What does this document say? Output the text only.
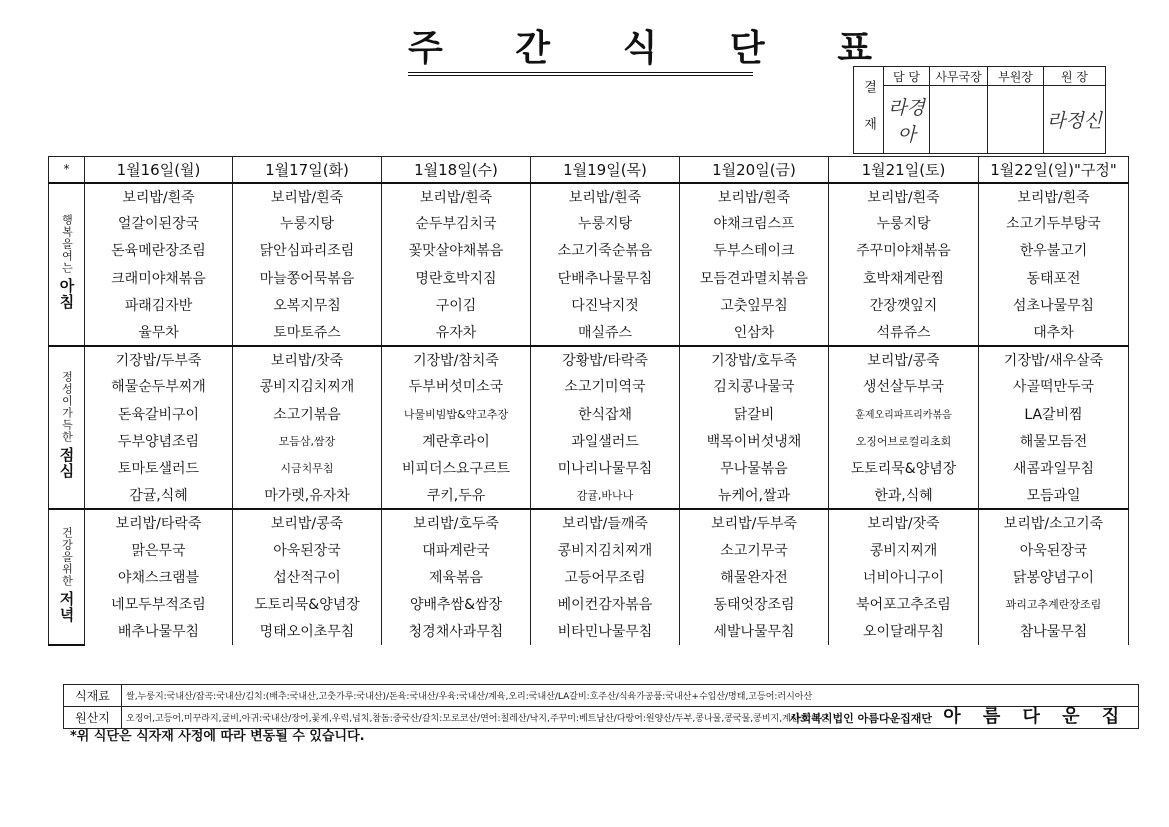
주 간 식 단 표
결 재	담 당	사무국장	부원장	원 장
	라경아			라정신
*	1월16일(월)	1월17일(화)	1월18일(수)	1월19일(목)	1월20일(금)	1월21일(토)	1월22일(일)"구정"
행복을여는아침	보리밥/흰죽	보리밥/흰죽	보리밥/흰죽	보리밥/흰죽	보리밥/흰죽	보리밥/흰죽	보리밥/흰죽
	얼갈이된장국	누룽지탕	순두부김치국	누룽지탕	야채크림스프	누룽지탕	소고기두부탕국
	돈육메란장조림	닭안심파리조림	꽃맛살야채볶음	소고기죽순볶음	두부스테이크	주꾸미야채볶음	한우불고기
	크래미야채볶음	마늘쫑어묵볶음	명란호박지짐	단배추나물무침	모듬견과멸치볶음	호박채계란찜	동태포전
	파래김자반	오복지무침	구이김	다진낙지젓	고춧잎무침	간장깻잎지	섬초나물무침
	율무차	토마토쥬스	유자차	매실쥬스	인삼차	석류쥬스	대추차
정성이가득한점심	기장밥/두부죽	보리밥/잣죽	기장밥/참치죽	강황밥/타락죽	기장밥/호두죽	보리밥/콩죽	기장밥/새우살죽
	해물순두부찌개	콩비지김치찌개	두부버섯미소국	소고기미역국	김치콩나물국	생선살두부국	사골떡만두국
	돈육갈비구이	소고기볶음	나물비빔밥&약고추장	한식잡채	닭갈비	훈제오리파프리카볶음	LA갈비찜
	두부양념조림	모듬삼,쌈장	계란후라이	과일샐러드	백목이버섯냉채	오징어브로컬리초회	해물모듬전
	토마토샐러드	시금치무침	비피더스요구르트	미나리나물무침	무나물볶음	도토리묵&양념장	새콤과일무침
	감귤,식혜	마가렛,유자차	쿠키,두유	감귤,바나나	뉴케어,쌀과	한과,식혜	모듬과일
건강을위한저녁	보리밥/타락죽	보리밥/콩죽	보리밥/호두죽	보리밥/들깨죽	보리밥/두부죽	보리밥/잣죽	보리밥/소고기죽
	맑은무국	아욱된장국	대파계란국	콩비지김치찌개	소고기무국	콩비지찌개	아욱된장국
	야채스크램블	섭산적구이	제육볶음	고등어무조림	해물완자전	너비아니구이	닭봉양념구이
	네모두부적조림	도토리묵&양념장	양배추쌈&쌈장	베이컨감자볶음	동태엇장조림	북어포고추조림	꽈리고추계란장조림
	배추나물무침	명태오이초무침	청경채사과무침	비타민나물무침	세발나물무침	오이달래무침	참나물무침
식재료	쌀,누룽지:국내산/잡곡:국내산/김치:(배추:국내산,고춧가루:국내산)/돈육:국내산/우육:국내산/계육,오리:국내산/LA갈비:호주산/식육가공품:국내산+수입산/명태,고등어:러시아산
원산지	오징어,고등어,미꾸라지,굴비,아귀:국내산/장어,꽃게,우럭,넙치,참돔:중국산/갈치:모로코산/연어:칠레산/낙지,주꾸미:베트남산/다랑어:원양산/두부,콩나물,콩국물,콩비지,계란:국내산
사회복지법인 아름다운집재단 아 름 다 운 집
*위 식단은 식자재 사정에 따라 변동될 수 있습니다.
